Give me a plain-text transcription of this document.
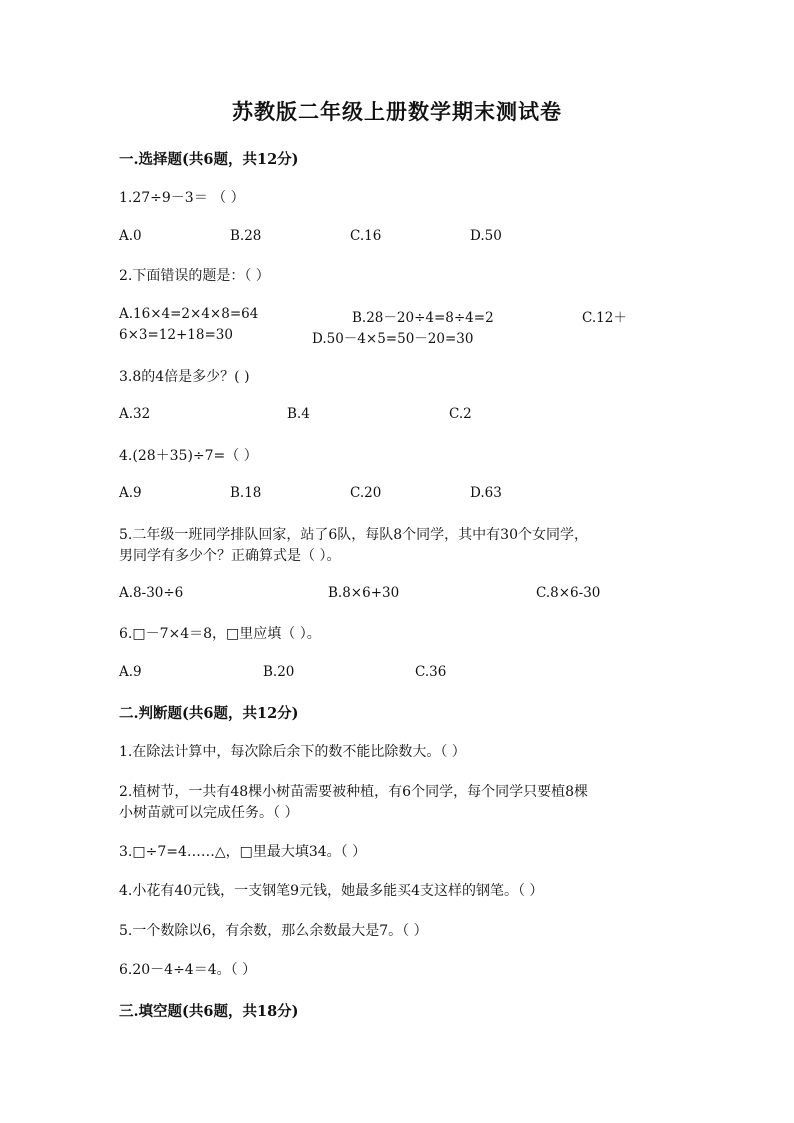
苏教版二年级上册数学期末测试卷
一.选择题(共6题，共12分)
1.27÷9－3＝ （ ）
A.0	B.28	C.16	D.50
2.下面错误的题是：（ ）
A.16×4=2×4×8=64	B.28－20÷4=8÷4=2	C.12＋
6×3=12+18=30	D.50－4×5=50－20=30
3.8的4倍是多少？( )
A.32	B.4	C.2
4.(28＋35)÷7=（ ）
A.9	B.18	C.20	D.63
5.二年级一班同学排队回家，站了6队，每队8个同学，其中有30个女同学，
男同学有多少个？正确算式是（ ）。
A.8-30÷6	B.8×6+30	C.8×6-30
6.□－7×4＝8，□里应填（ ）。
A.9	B.20	C.36
二.判断题(共6题，共12分)
1.在除法计算中，每次除后余下的数不能比除数大。（ ）
2.植树节，一共有48棵小树苗需要被种植，有6个同学，每个同学只要植8棵
小树苗就可以完成任务。（ ）
3.□÷7=4……△，□里最大填34。（ ）
4.小花有40元钱，一支钢笔9元钱，她最多能买4支这样的钢笔。（ ）
5.一个数除以6，有余数，那么余数最大是7。（ ）
6.20－4÷4＝4。（ ）
三.填空题(共6题，共18分)
